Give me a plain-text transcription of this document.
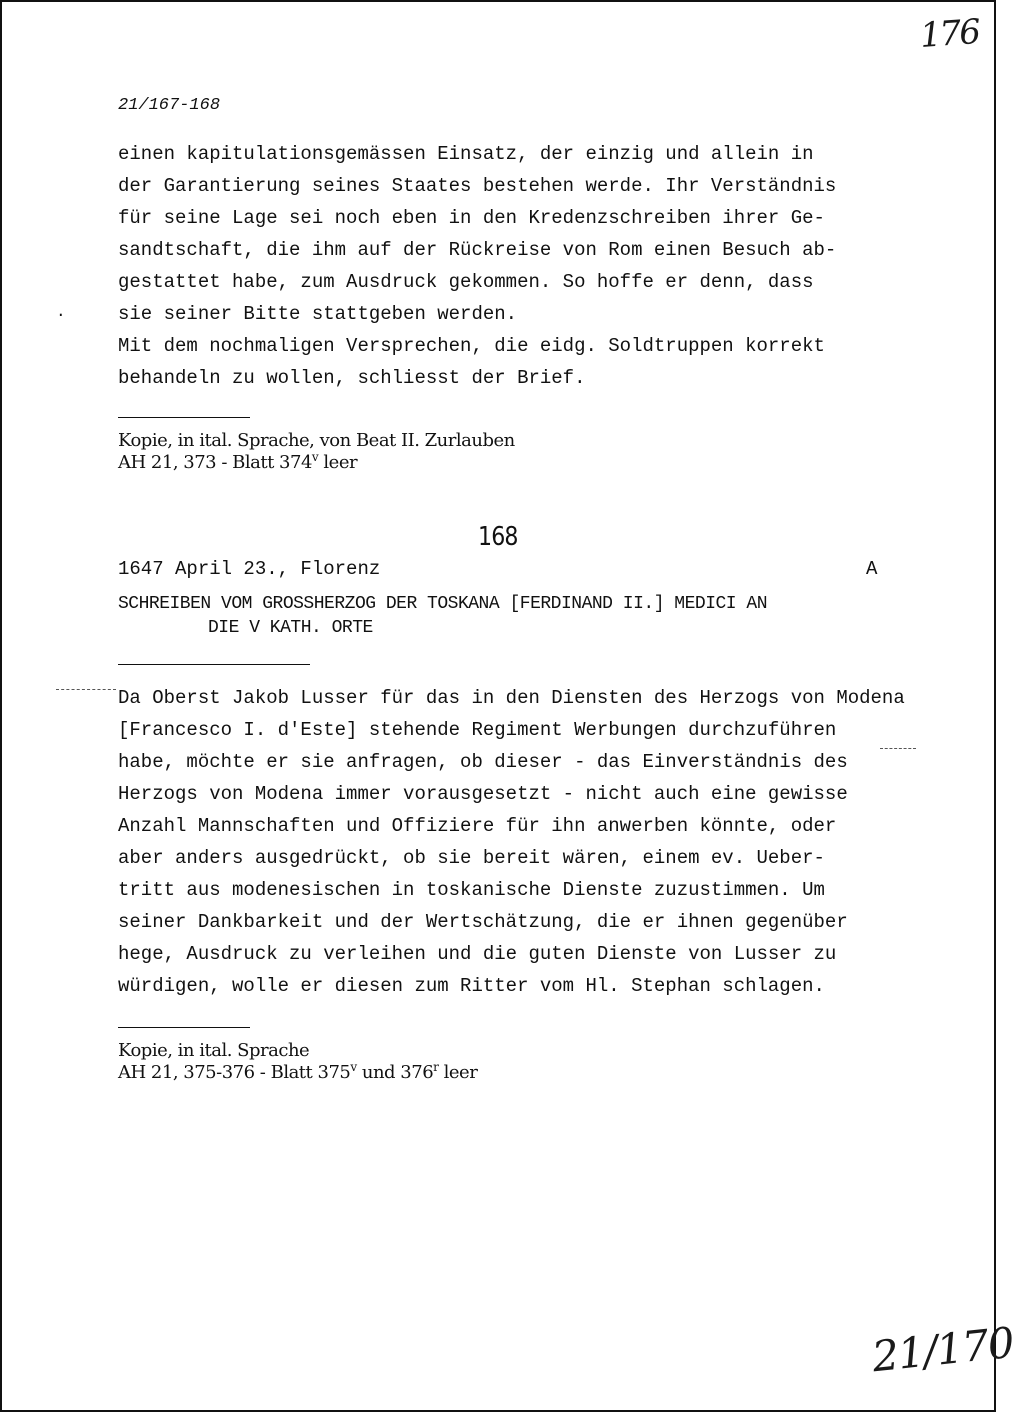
176
21/167-168
·
einen kapitulationsgemässen Einsatz, der einzig und allein in
der Garantierung seines Staates bestehen werde. Ihr Verständnis
für seine Lage sei noch eben in den Kredenzschreiben ihrer Ge-
sandtschaft, die ihm auf der Rückreise von Rom einen Besuch ab-
gestattet habe, zum Ausdruck gekommen. So hoffe er denn, dass
sie seiner Bitte stattgeben werden.
Mit dem nochmaligen Versprechen, die eidg. Soldtruppen korrekt
behandeln zu wollen, schliesst der Brief.
Kopie, in ital. Sprache, von Beat II. Zurlauben
AH 21, 373 - Blatt 374$^v$ leer
168
1647 April 23., Florenz	A
SCHREIBEN VOM GROSSHERZOG DER TOSKANA [FERDINAND II.] MEDICI AN
DIE V KATH. ORTE
Da Oberst Jakob Lusser für das in den Diensten des Herzogs von Modena
[Francesco I. d'Este] stehende Regiment Werbungen durchzuführen
habe, möchte er sie anfragen, ob dieser - das Einverständnis des
Herzogs von Modena immer vorausgesetzt - nicht auch eine gewisse
Anzahl Mannschaften und Offiziere für ihn anwerben könnte, oder
aber anders ausgedrückt, ob sie bereit wären, einem ev. Ueber-
tritt aus modenesischen in toskanische Dienste zuzustimmen. Um
seiner Dankbarkeit und der Wertschätzung, die er ihnen gegenüber
hege, Ausdruck zu verleihen und die guten Dienste von Lusser zu
würdigen, wolle er diesen zum Ritter vom Hl. Stephan schlagen.
Kopie, in ital. Sprache
AH 21, 375-376 - Blatt 375$^v$ und 376$^r$ leer
21/170
